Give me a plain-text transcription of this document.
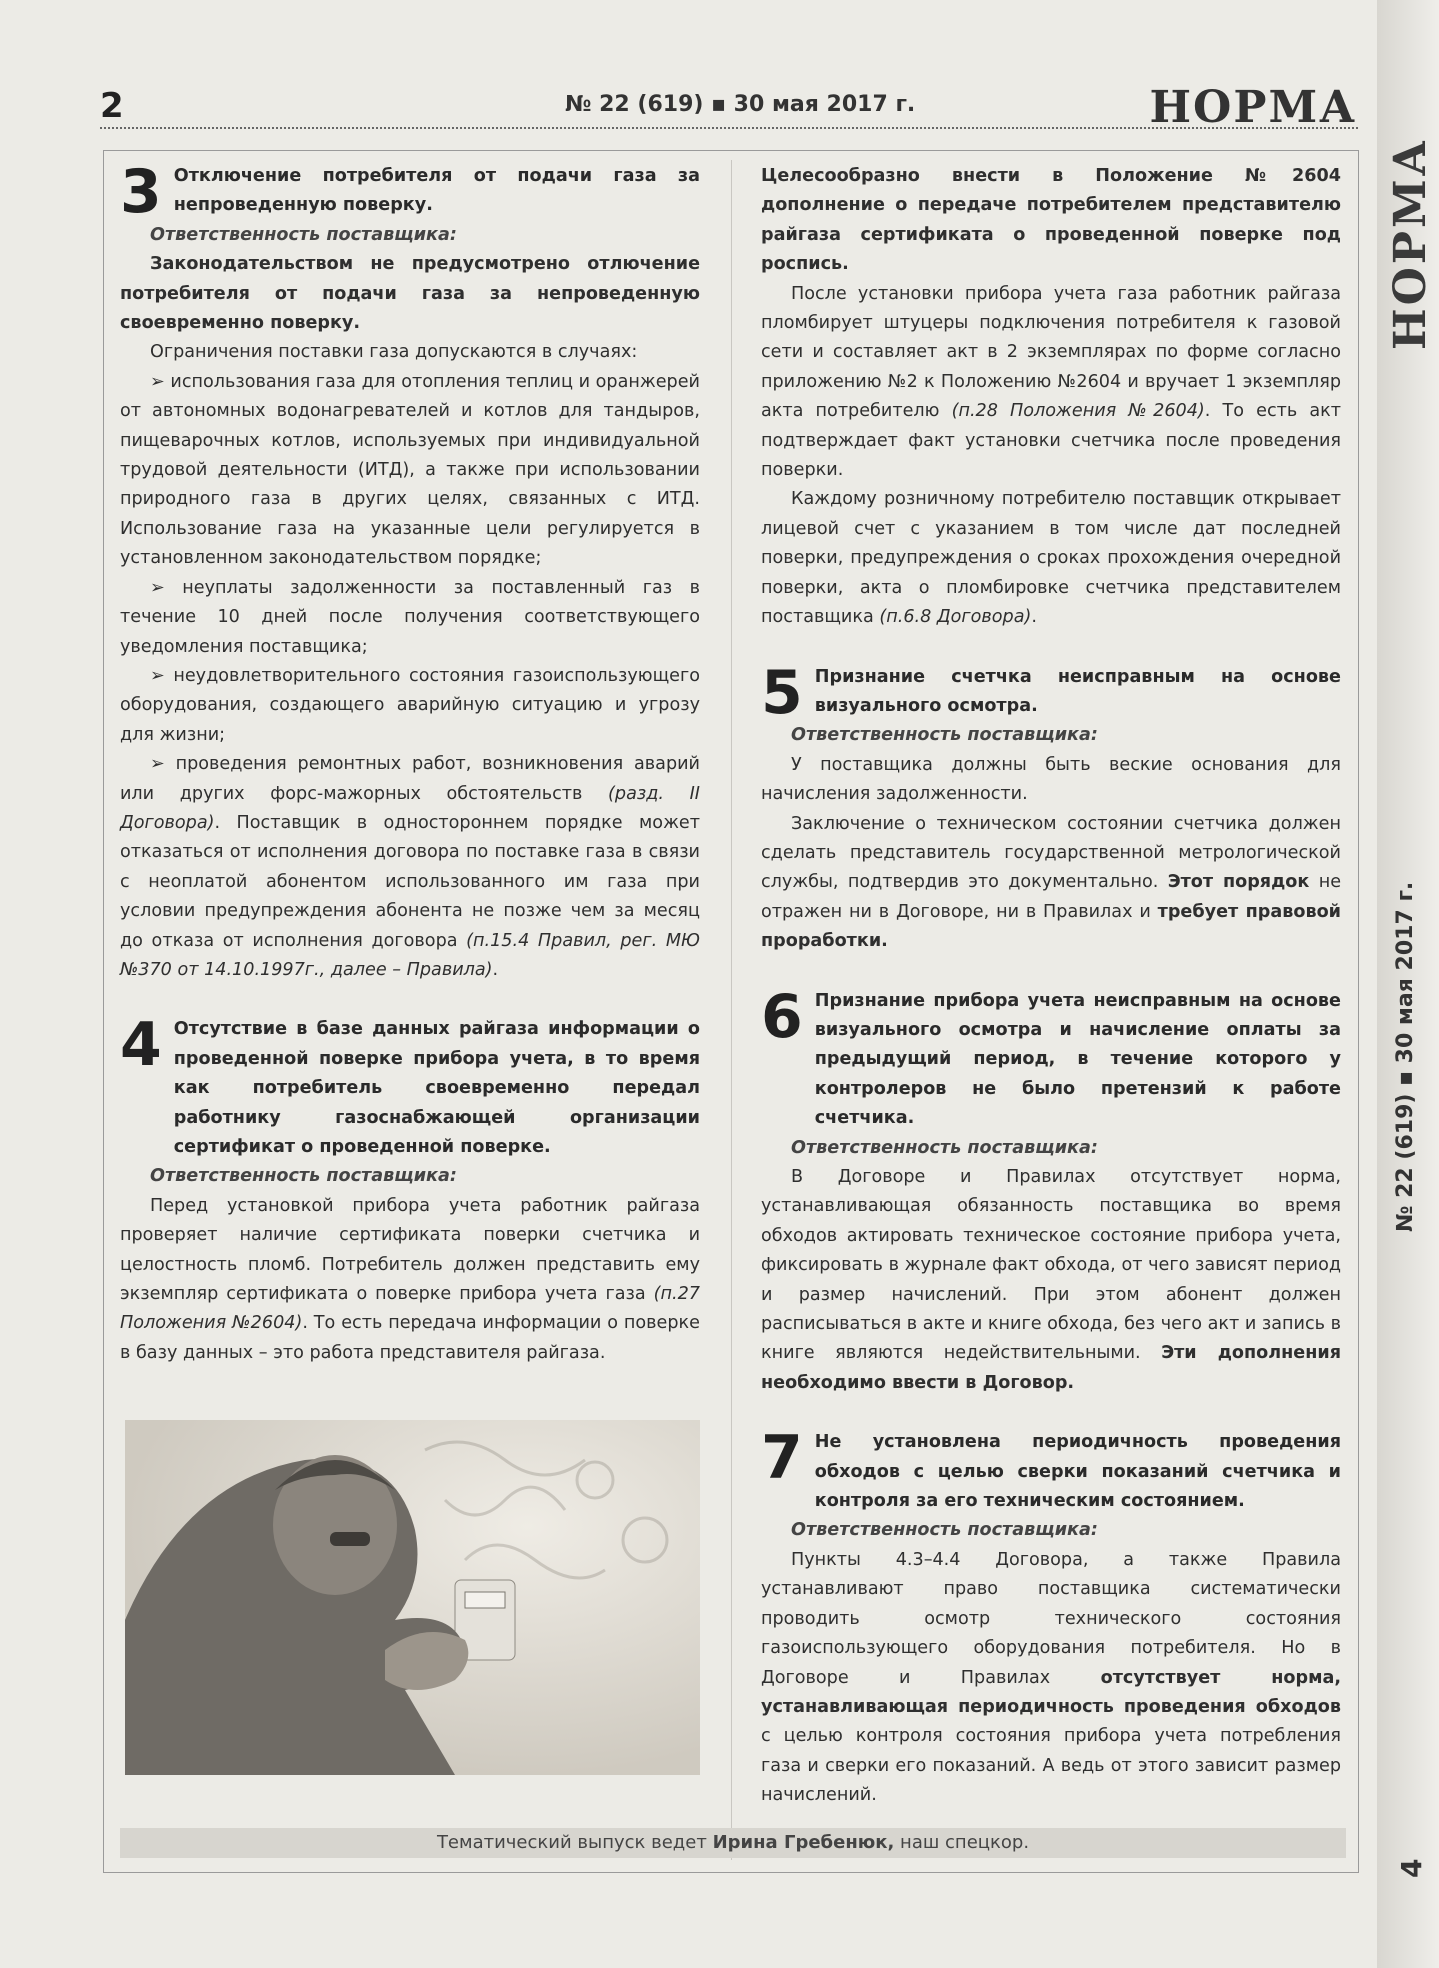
2	№ 22 (619) ▪ 30 мая 2017 г.	НОРМА
НОРМА
№ 22 (619) ▪ 30 мая 2017 г.
4
3 Отключение потребителя от подачи газа за непроведенную поверку.
Ответственность поставщика:

Законодательством не предусмотрено отлючение потребителя от подачи газа за непроведенную своевременно поверку.

Ограничения поставки газа допускаются в случаях:

➢ использования газа для отопления теплиц и оранжерей от автономных водонагревателей и котлов для тандыров, пищеварочных котлов, используемых при индивидуальной трудовой деятельности (ИТД), а также при использовании природного газа в других целях, связанных с ИТД. Использование газа на указанные цели регулируется в установленном законодательством порядке;

➢ неуплаты задолженности за поставленный газ в течение 10 дней после получения соответствующего уведомления поставщика;

➢ неудовлетворительного состояния газоиспользующего оборудования, создающего аварийную ситуацию и угрозу для жизни;

➢ проведения ремонтных работ, возникновения аварий или других форс-мажорных обстоятельств (разд. II Договора). Поставщик в одностороннем порядке может отказаться от исполнения договора по поставке газа в связи с неоплатой абонентом использованного им газа при условии предупреждения абонента не позже чем за месяц до отказа от исполнения договора (п.15.4 Правил, рег. МЮ №370 от 14.10.1997г., далее – Правила).

4 Отсутствие в базе данных райгаза информации о проведенной поверке прибора учета, в то время как потребитель своевременно передал работнику газоснабжающей организации сертификат о проведенной поверке.
Ответственность поставщика:

Перед установкой прибора учета работник райгаза проверяет наличие сертификата поверки счетчика и целостность пломб. Потребитель должен представить ему экземпляр сертификата о поверке прибора учета газа (п.27 Положения №2604). То есть передача информации о поверке в базу данных – это работа представителя райгаза.

Целесообразно внести в Положение №2604 дополнение о передаче потребителем представителю райгаза сертификата о проведенной поверке под роспись.

После установки прибора учета газа работник райгаза пломбирует штуцеры подключения потребителя к газовой сети и составляет акт в 2 экземплярах по форме согласно приложению №2 к Положению №2604 и вручает 1 экземпляр акта потребителю (п.28 Положения №2604). То есть акт подтверждает факт установки счетчика после проведения поверки.

Каждому розничному потребителю поставщик открывает лицевой счет с указанием в том числе дат последней поверки, предупреждения о сроках прохождения очередной поверки, акта о пломбировке счетчика представителем поставщика (п.6.8 Договора).

5 Признание счетчка неисправным на основе визуального осмотра.
Ответственность поставщика:

У поставщика должны быть веские основания для начисления задолженности.

Заключение о техническом состоянии счетчика должен сделать представитель государственной метрологической службы, подтвердив это документально. Этот порядок не отражен ни в Договоре, ни в Правилах и требует правовой проработки.

6 Признание прибора учета неисправным на основе визуального осмотра и начисление оплаты за предыдущий период, в течение которого у контролеров не было претензий к работе счетчика.
Ответственность поставщика:

В Договоре и Правилах отсутствует норма, устанавливающая обязанность поставщика во время обходов актировать техническое состояние прибора учета, фиксировать в журнале факт обхода, от чего зависят период и размер начислений. При этом абонент должен расписываться в акте и книге обхода, без чего акт и запись в книге являются недействительными. Эти дополнения необходимо ввести в Договор.

7 Не установлена периодичность проведения обходов с целью сверки показаний счетчика и контроля за его техническим состоянием.
Ответственность поставщика:

Пункты 4.3–4.4 Договора, а также Правила устанавливают право поставщика систематически проводить осмотр технического состояния газоиспользующего оборудования потребителя. Но в Договоре и Правилах	отсутствует норма, устанавливающая периодичность проведения обходов с целью контроля состояния прибора учета потребления газа и сверки его показаний. А ведь от этого зависит размер начислений.

Тематический выпуск ведет Ирина Гребенюк, наш спецкор.
